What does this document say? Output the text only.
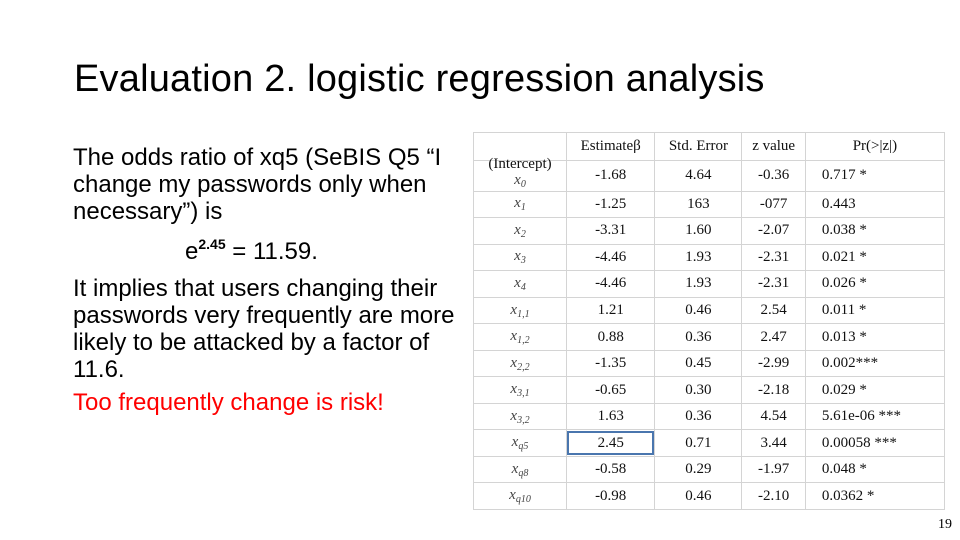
Evaluation 2. logistic regression analysis
The odds ratio of xq5 (SeBIS Q5 “I change my passwords only when necessary”) is
$e^{2.45} = 11.59$.
It implies that users changing their passwords very frequently are more likely to be attacked by a factor of 11.6.
Too frequently change is risk!
	Estimateβ	Std. Error	z value	Pr(>|z|)

(Intercept)
$x_0$	-1.68	4.64	-0.36	0.717 *
$x_1$	-1.25	163	-077	0.443
$x_2$	-3.31	1.60	-2.07	0.038 *
$x_3$	-4.46	1.93	-2.31	0.021 *
$x_4$	-4.46	1.93	-2.31	0.026 *
$x_{1,1}$	1.21	0.46	2.54	0.011 *
$x_{1,2}$	0.88	0.36	2.47	0.013 *
$x_{2,2}$	-1.35	0.45	-2.99	0.002***
$x_{3,1}$	-0.65	0.30	-2.18	0.029 *
$x_{3,2}$	1.63	0.36	4.54	5.61e-06 ***
$x_{q5}$	2.45	0.71	3.44	0.00058 ***
$x_{q8}$	-0.58	0.29	-1.97	0.048 *
$x_{q10}$	-0.98	0.46	-2.10	0.0362 *
19
